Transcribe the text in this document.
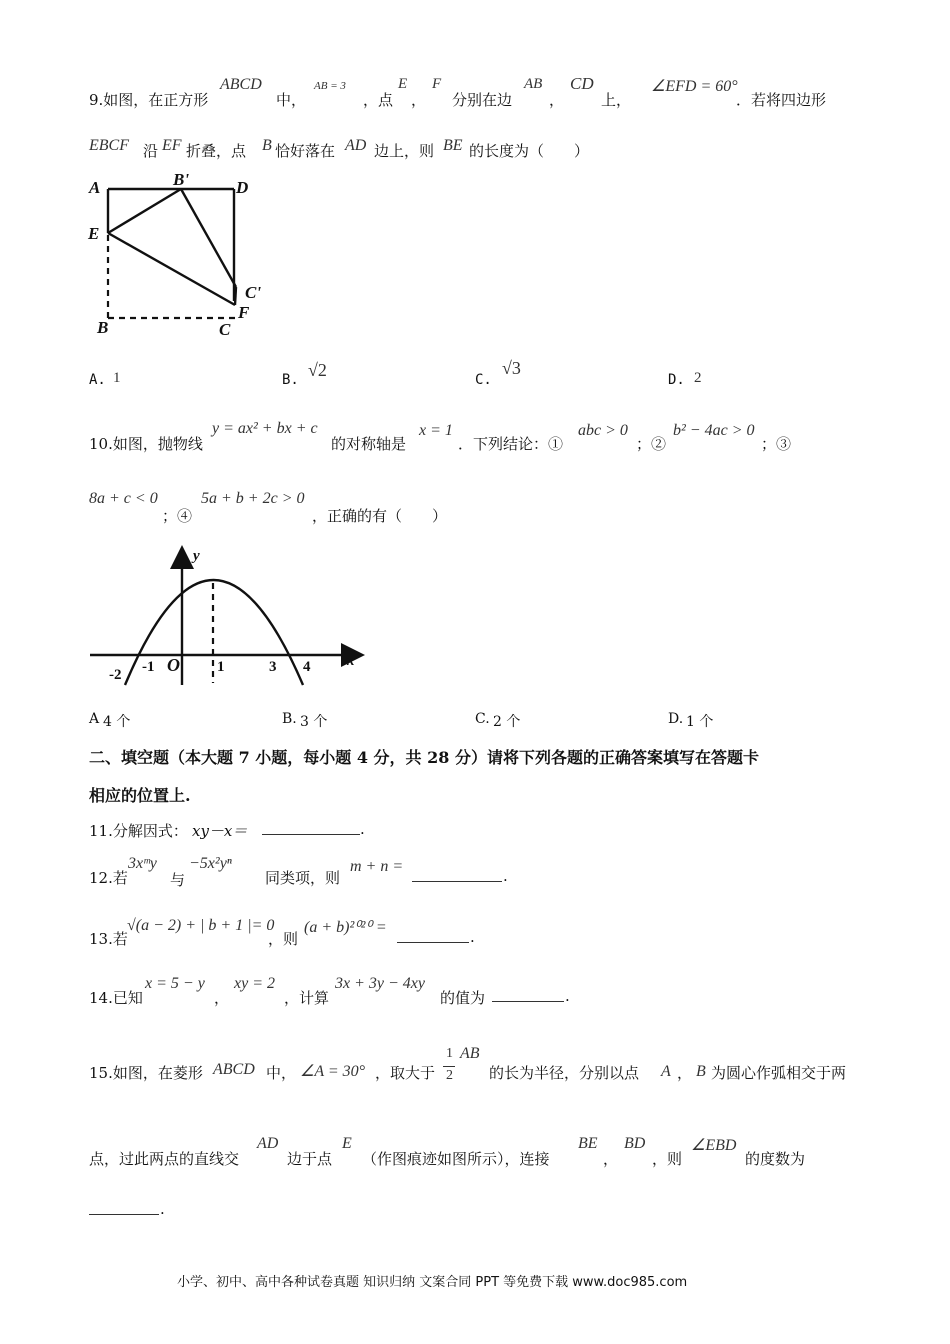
9.如图，在正方形
ABCD
中，
AB = 3
，点
E
，
F
分别在边
AB
，
CD
上，
∠EFD = 60°
．若将四边形
EBCF 沿 EF 折叠，点 B 恰好落在 AD 边上，则 BE 的长度为（　　）
A	B'	D
E
C'
F
B	C
A. 1	B. √2	C.
√3
D. 2
10.如图，抛物线
y = ax² + bx + c
的对称轴是
x = 1
．下列结论：①
abc > 0
；②
b² − 4ac > 0
；③
8a + c < 0
；④
5a + b + 2c > 0
，正确的有（　　）
y
x
O
-2 -1	1	3 4
A 4 个	B. 3 个	C. 2 个	D. 1 个
二、填空题（本大题 7 小题，每小题 4 分，共 28 分）请将下列各题的正确答案填写在答题卡
相应的位置上.
11.分解因式： xy－x＝	.
12.若
3xᵐy
与
−5x²yⁿ
同类项，则
m + n =
.
13.若
√(a − 2) + | b + 1 |= 0
，则
(a + b)²⁰²⁰ =
.
14.已知
x = 5 − y
，
xy = 2
，计算
3x + 3y − 4xy
的值为	.
15.如图，在菱形 ABCD 中， ∠A = 30° ，取大于
1
2
AB
的长为半径，分别以点 A ， B 为圆心作弧相交于两
点，过此两点的直线交
AD
边于点
E
（作图痕迹如图所示），连接
BE
，
BD
，则
∠EBD
的度数为
.
小学、初中、高中各种试卷真题 知识归纳 文案合同 PPT 等免费下载 www.doc985.com
